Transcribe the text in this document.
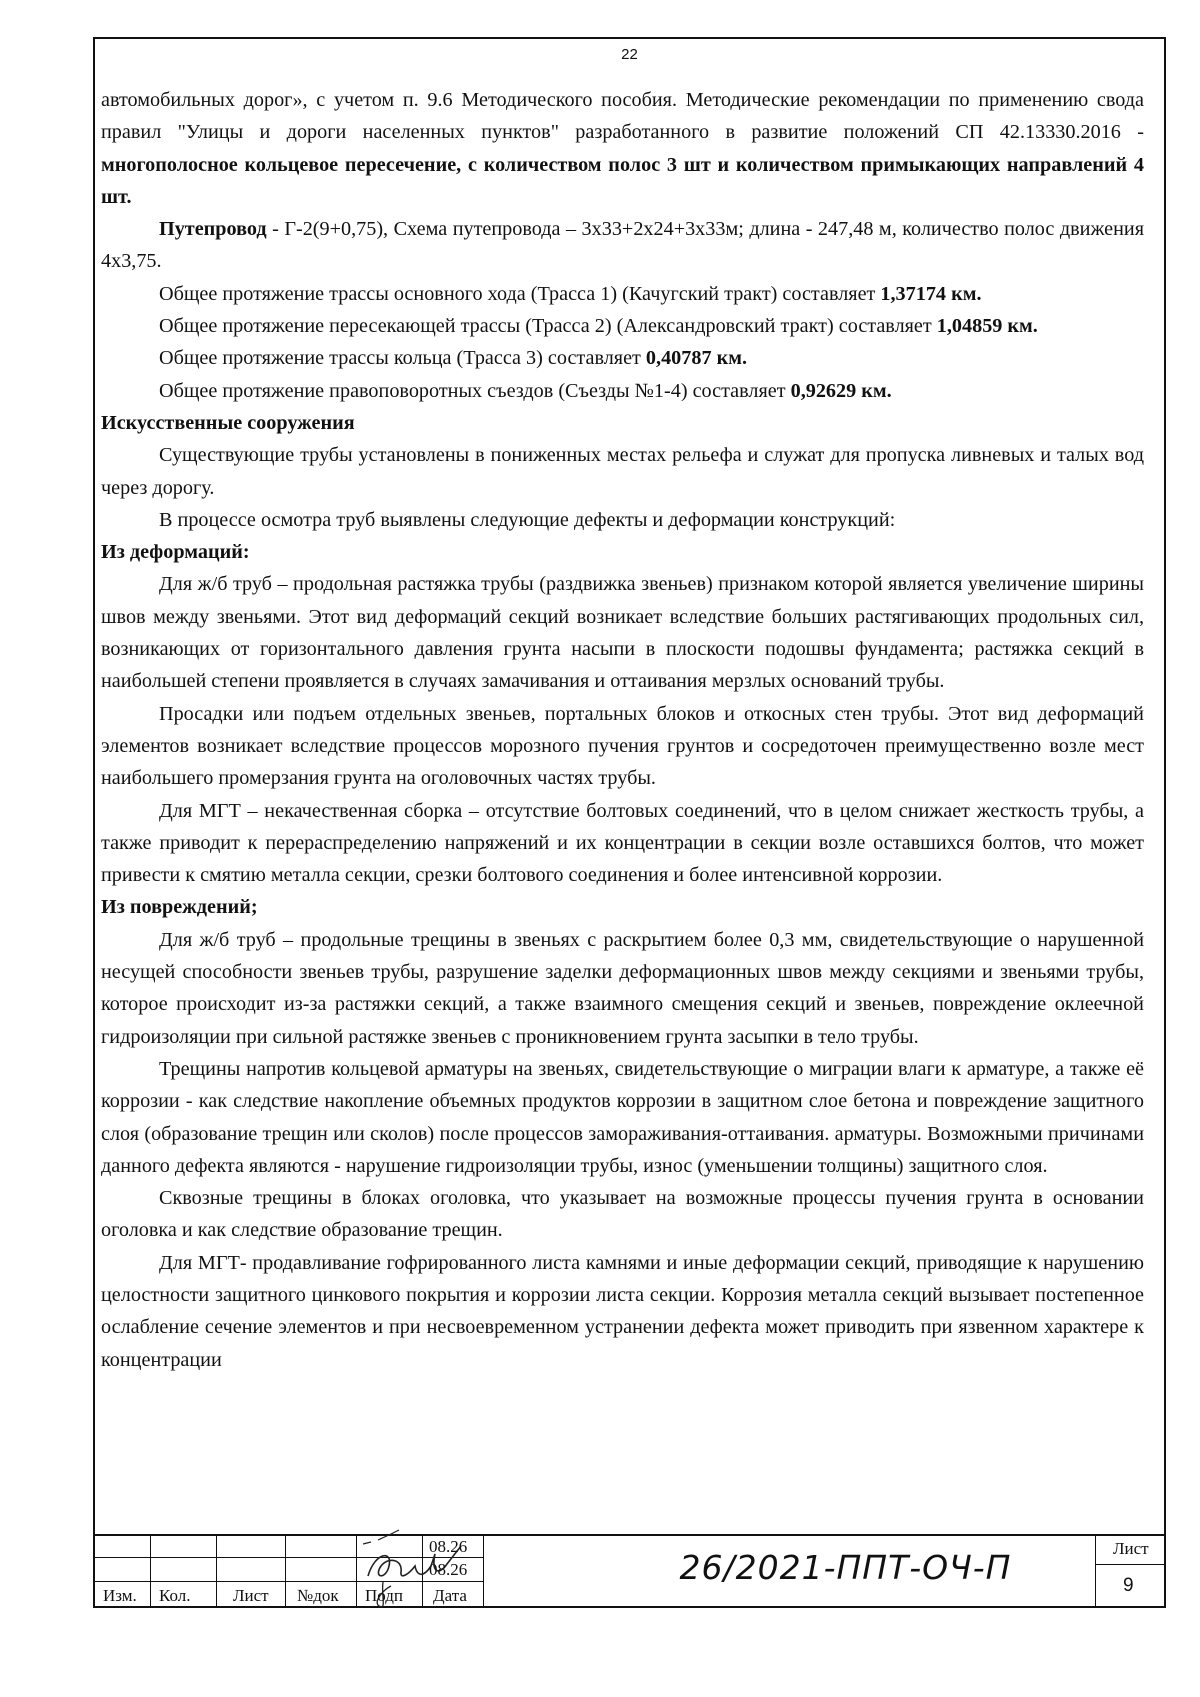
22

автомобильных дорог», с учетом п. 9.6 Методического пособия. Методические рекомендации по применению свода правил "Улицы и дороги населенных пунктов" разработанного в развитие положений СП 42.13330.2016 - многополосное кольцевое пересечение, с количеством полос 3 шт и количеством примыкающих направлений 4 шт.

Путепровод - Г-2(9+0,75), Схема путепровода – 3х33+2х24+3х33м; длина - 247,48 м, количество полос движения 4х3,75.

Общее протяжение трассы основного хода (Трасса 1) (Качугский тракт) составляет 1,37174 км.

Общее протяжение пересекающей трассы (Трасса 2) (Александровский тракт) составляет 1,04859 км.

Общее протяжение трассы кольца (Трасса 3) составляет 0,40787 км.

Общее протяжение правоповоротных съездов (Съезды №1-4) составляет 0,92629 км.

Искусственные сооружения

Существующие трубы установлены в пониженных местах рельефа и служат для пропуска ливневых и талых вод через дорогу.

В процессе осмотра труб выявлены следующие дефекты и деформации конструкций:

Из деформаций:

Для ж/б труб – продольная растяжка трубы (раздвижка звеньев) признаком которой является увеличение ширины швов между звеньями. Этот вид деформаций секций возникает вследствие больших растягивающих продольных сил, возникающих от горизонтального давления грунта насыпи в плоскости подошвы фундамента; растяжка секций в наибольшей степени проявляется в случаях замачивания и оттаивания мерзлых оснований трубы.

Просадки или подъем отдельных звеньев, портальных блоков и откосных стен трубы. Этот вид деформаций элементов возникает вследствие процессов морозного пучения грунтов и сосредоточен преимущественно возле мест наибольшего промерзания грунта на оголовочных частях трубы.

Для МГТ – некачественная сборка – отсутствие болтовых соединений, что в целом снижает жесткость трубы, а также приводит к перераспределению напряжений и их концентрации в секции возле оставшихся болтов, что может привести к смятию металла секции, срезки болтового соединения и более интенсивной коррозии.

Из повреждений;

Для ж/б труб – продольные трещины в звеньях с раскрытием более 0,3 мм, свидетельствующие о нарушенной несущей способности звеньев трубы, разрушение заделки деформационных швов между секциями и звеньями трубы, которое происходит из-за растяжки секций, а также взаимного смещения секций и звеньев, повреждение оклеечной гидроизоляции при сильной растяжке звеньев с проникновением грунта засыпки в тело трубы.

Трещины напротив кольцевой арматуры на звеньях, свидетельствующие о миграции влаги к арматуре, а также её коррозии - как следствие накопление объемных продуктов коррозии в защитном слое бетона и повреждение защитного слоя (образование трещин или сколов) после процессов замораживания-оттаивания. арматуры. Возможными причинами данного дефекта являются - нарушение гидроизоляции трубы, износ (уменьшении толщины) защитного слоя.

Сквозные трещины в блоках оголовка, что указывает на возможные процессы пучения грунта в основании оголовка и как следствие образование трещин.

Для МГТ- продавливание гофрированного листа камнями и иные деформации секций, приводящие к нарушению целостности защитного цинкового покрытия и коррозии листа секции. Коррозия металла секций вызывает постепенное ослабление сечение элементов и при несвоевременном устранении дефекта может приводить при язвенном характере к концентрации

08.26
08.26
Изм. Кол. Лист №док Подп Дата
26/2021-ППТ-ОЧ-П	Лист
9
